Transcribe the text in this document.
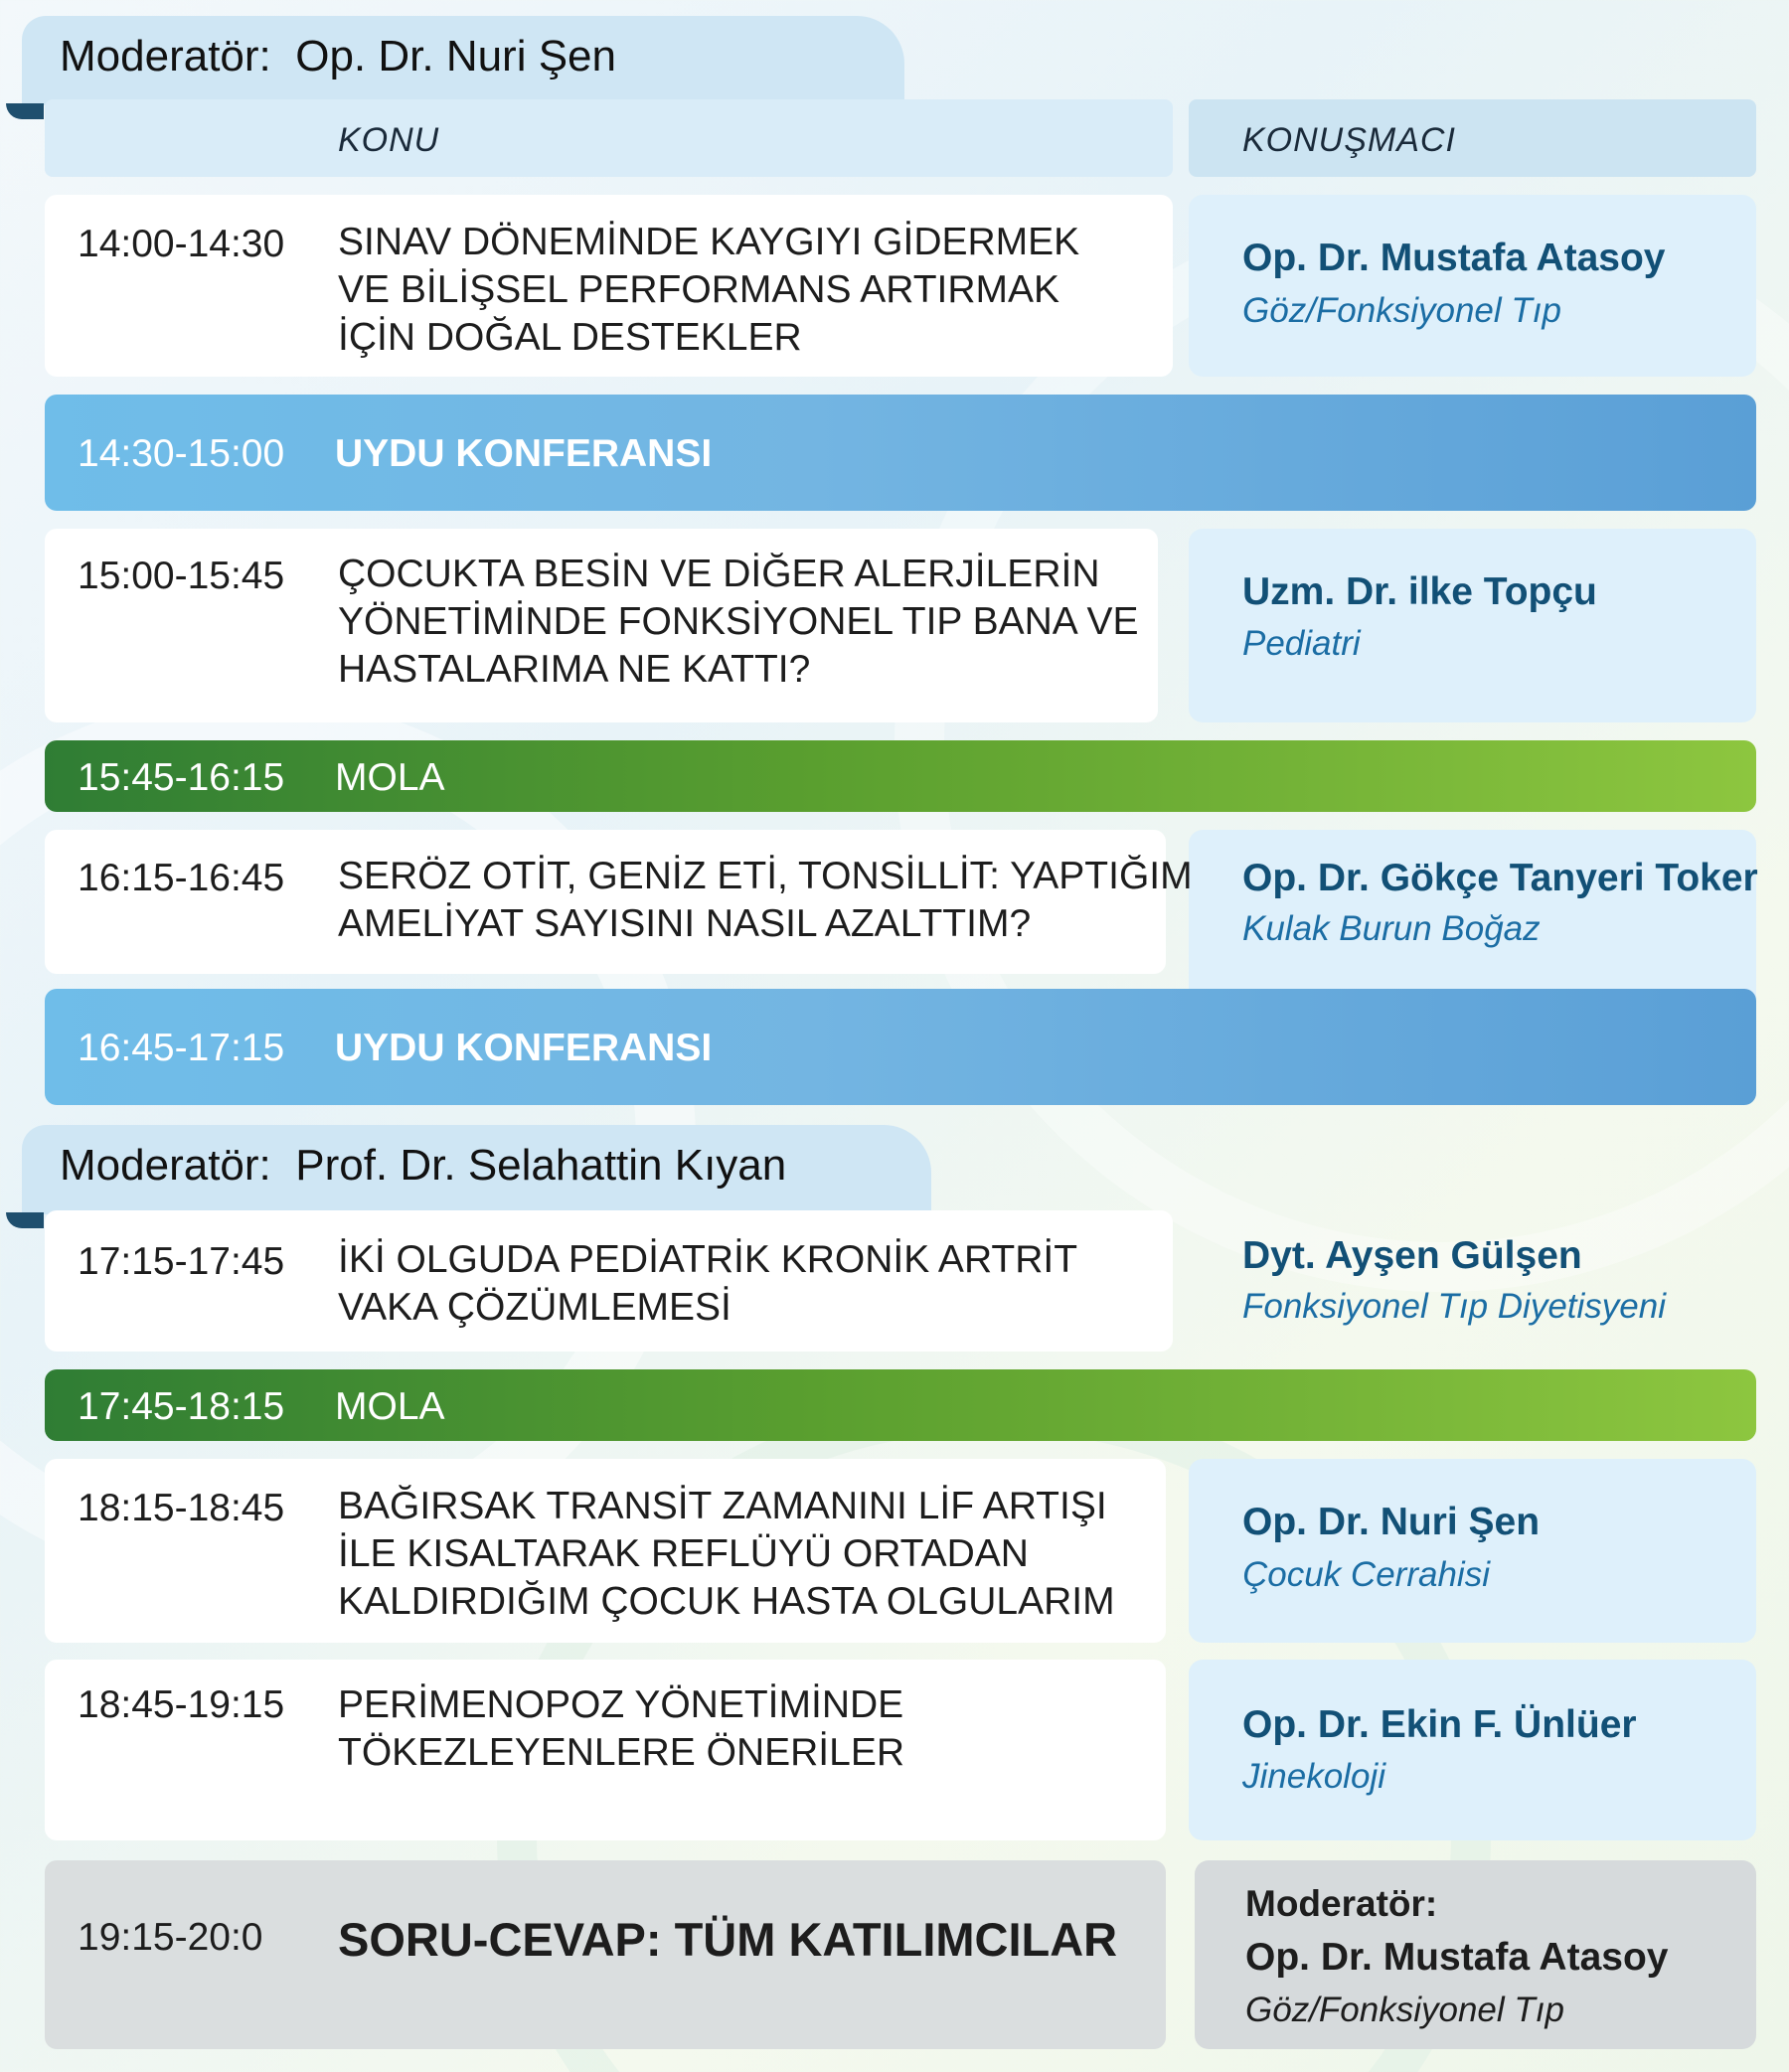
Moderatör: Op. Dr. Nuri Şen
KONU	KONUŞMACI
14:00-14:30 SINAV DÖNEMİNDE KAYGIYI GİDERMEK
VE BİLİŞSEL PERFORMANS ARTIRMAK
İÇİN DOĞAL DESTEKLER
Op. Dr. Mustafa Atasoy
Göz/Fonksiyonel Tıp
14:30-15:00 UYDU KONFERANSI
15:00-15:45 ÇOCUKTA BESİN VE DİĞER ALERJİLERİN
YÖNETİMİNDE FONKSİYONEL TIP BANA VE
HASTALARIMA NE KATTI?
Uzm. Dr. ilke Topçu
Pediatri
15:45-16:15 MOLA
16:15-16:45 SERÖZ OTİT, GENİZ ETİ, TONSİLLİT: YAPTIĞIM
AMELİYAT SAYISINI NASIL AZALTTIM?
Op. Dr. Gökçe Tanyeri Toker
Kulak Burun Boğaz
16:45-17:15 UYDU KONFERANSI
Moderatör: Prof. Dr. Selahattin Kıyan
17:15-17:45 İKİ OLGUDA PEDİATRİK KRONİK ARTRİT
VAKA ÇÖZÜMLEMESİ
Dyt. Ayşen Gülşen
Fonksiyonel Tıp Diyetisyeni
17:45-18:15 MOLA
18:15-18:45 BAĞIRSAK TRANSİT ZAMANINI LİF ARTIŞI
İLE KISALTARAK REFLÜYÜ ORTADAN
KALDIRDIĞIM ÇOCUK HASTA OLGULARIM
Op. Dr. Nuri Şen
Çocuk Cerrahisi
18:45-19:15 PERİMENOPOZ YÖNETİMİNDE
TÖKEZLEYENLERE ÖNERİLER
Op. Dr. Ekin F. Ünlüer
Jinekoloji
19:15-20:0 SORU-CEVAP: TÜM KATILIMCILAR
Moderatör:
Op. Dr. Mustafa Atasoy
Göz/Fonksiyonel Tıp
